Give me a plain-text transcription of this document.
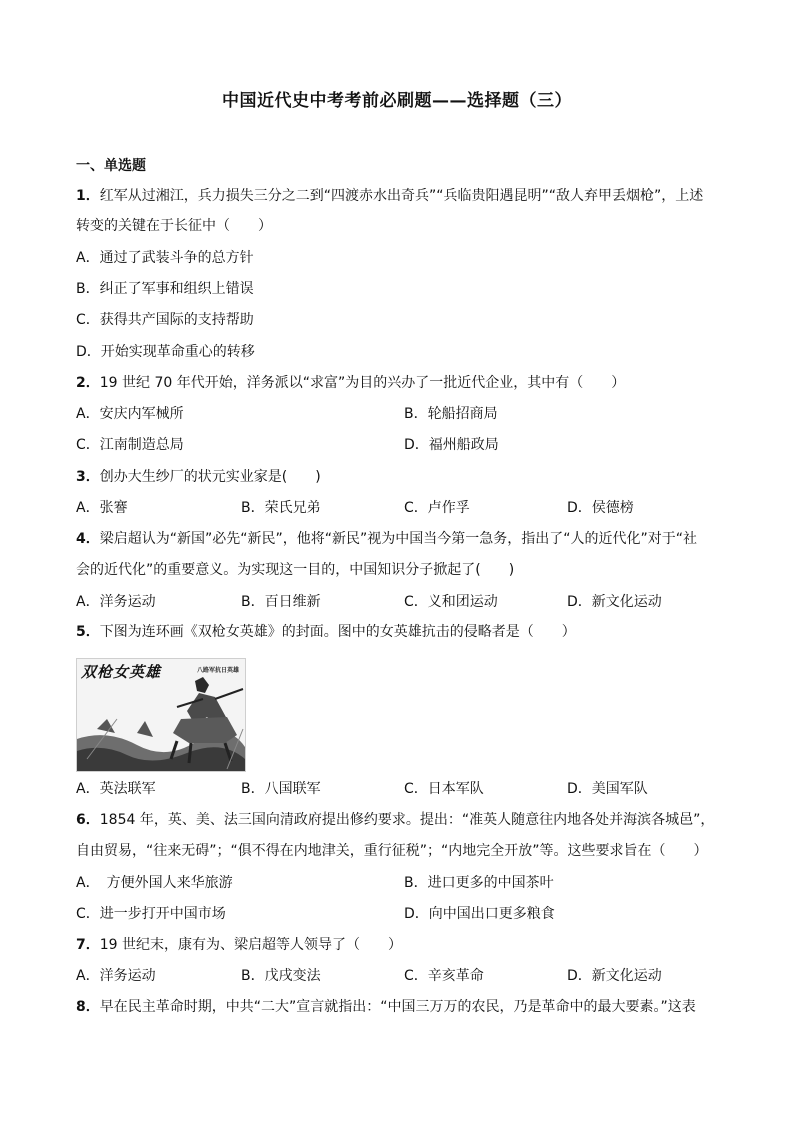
中国近代史中考考前必刷题——选择题（三）
一、单选题
1．红军从过湘江，兵力损失三分之二到“四渡赤水出奇兵”“兵临贵阳遇昆明”“敌人弃甲丢烟枪”，上述
转变的关键在于长征中（　　）
A．通过了武装斗争的总方针
B．纠正了军事和组织上错误
C．获得共产国际的支持帮助
D．开始实现革命重心的转移
2．19 世纪 70 年代开始，洋务派以“求富”为目的兴办了一批近代企业，其中有（　　）
A．安庆内军械所	B．轮船招商局
C．江南制造总局	D．福州船政局
3．创办大生纱厂的状元实业家是(　　)
A．张謇	B．荣氏兄弟	C．卢作孚	D．侯德榜
4．梁启超认为“新国”必先“新民”，他将“新民”视为中国当今第一急务，指出了“人的近代化”对于“社
会的近代化”的重要意义。为实现这一目的，中国知识分子掀起了(　　)
A．洋务运动	B．百日维新	C．义和团运动	D．新文化运动
5．下图为连环画《双枪女英雄》的封面。图中的女英雄抗击的侵略者是（　　）
双枪女英雄	八路军抗日英雄
A．英法联军	B．八国联军	C．日本军队	D．美国军队
6．1854 年，英、美、法三国向清政府提出修约要求。提出：“准英人随意往内地各处并海滨各城邑”，
自由贸易，“往来无碍”；“俱不得在内地津关，重行征税”；“内地完全开放”等。这些要求旨在（　　）
A．　方便外国人来华旅游	B．进口更多的中国茶叶
C．进一步打开中国市场	D．向中国出口更多粮食
7．19 世纪末，康有为、梁启超等人领导了（　　）
A．洋务运动	B．戊戌变法	C．辛亥革命	D．新文化运动
8．早在民主革命时期，中共“二大”宣言就指出：“中国三万万的农民，乃是革命中的最大要素。”这表
